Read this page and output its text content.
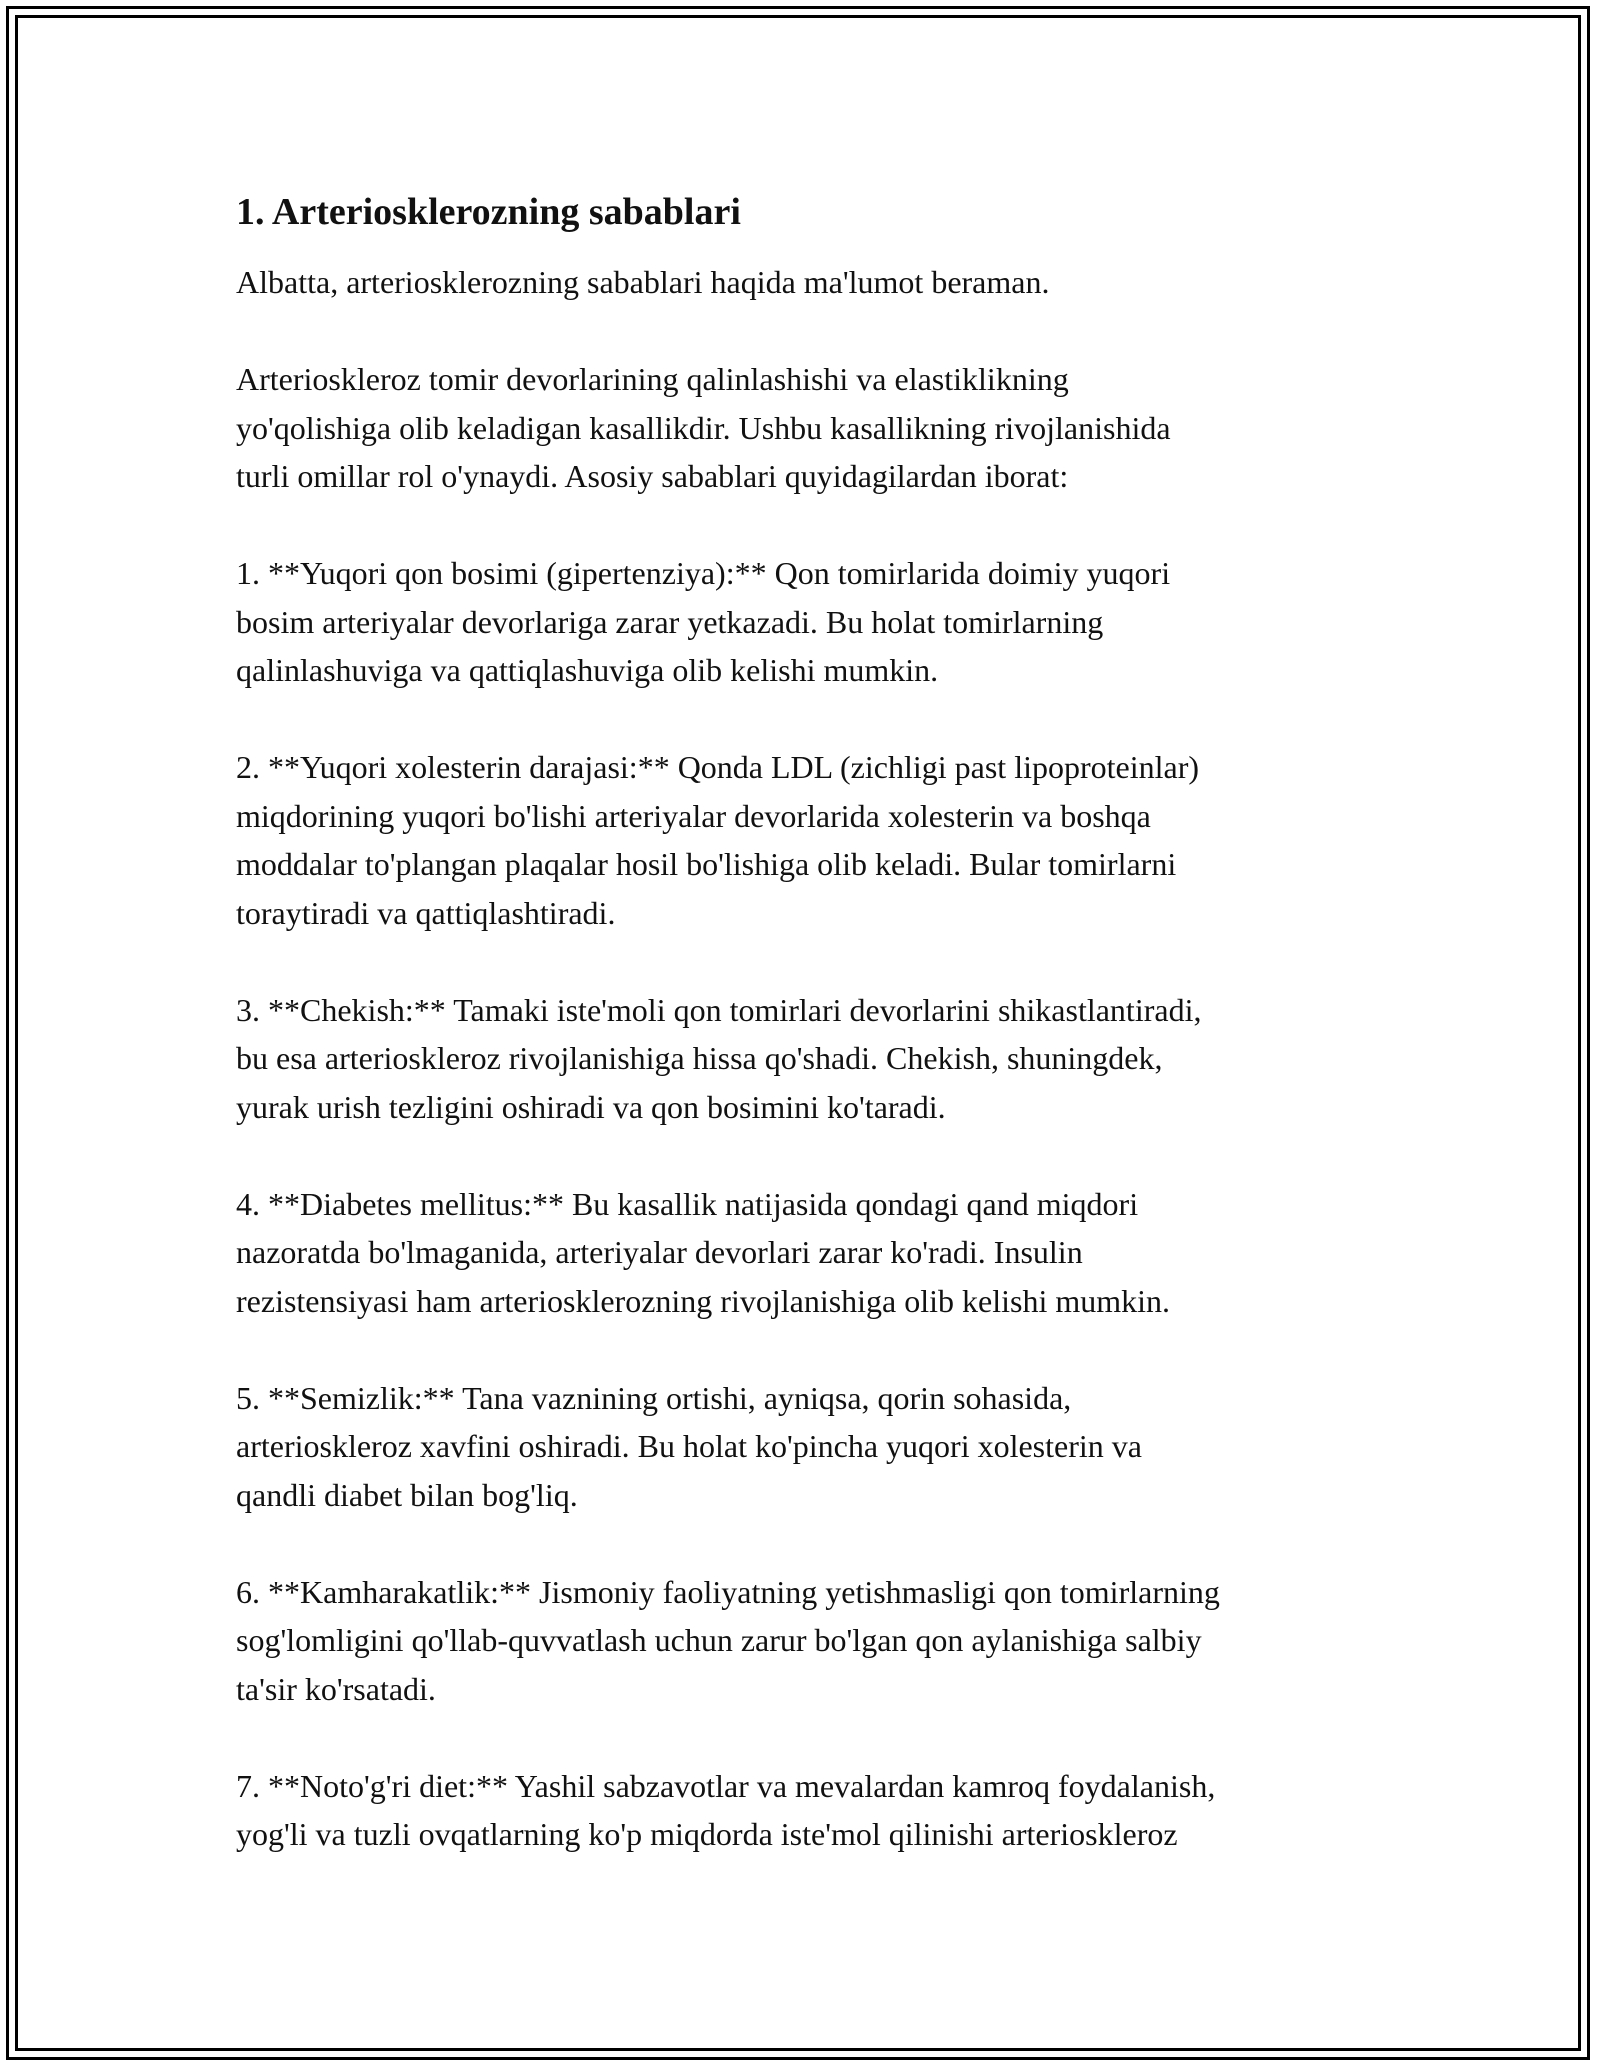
1. Arteriosklerozning sabablari

Albatta, arteriosklerozning sabablari haqida ma'lumot beraman.

Arterioskleroz tomir devorlarining qalinlashishi va elastiklikning
yo'qolishiga olib keladigan kasallikdir. Ushbu kasallikning rivojlanishida
turli omillar rol o'ynaydi. Asosiy sabablari quyidagilardan iborat:

1. **Yuqori qon bosimi (gipertenziya):** Qon tomirlarida doimiy yuqori
bosim arteriyalar devorlariga zarar yetkazadi. Bu holat tomirlarning
qalinlashuviga va qattiqlashuviga olib kelishi mumkin.

2. **Yuqori xolesterin darajasi:** Qonda LDL (zichligi past lipoproteinlar)
miqdorining yuqori bo'lishi arteriyalar devorlarida xolesterin va boshqa
moddalar to'plangan plaqalar hosil bo'lishiga olib keladi. Bular tomirlarni
toraytiradi va qattiqlashtiradi.

3. **Chekish:** Tamaki iste'moli qon tomirlari devorlarini shikastlantiradi,
bu esa arterioskleroz rivojlanishiga hissa qo'shadi. Chekish, shuningdek,
yurak urish tezligini oshiradi va qon bosimini ko'taradi.

4. **Diabetes mellitus:** Bu kasallik natijasida qondagi qand miqdori
nazoratda bo'lmaganida, arteriyalar devorlari zarar ko'radi. Insulin
rezistensiyasi ham arteriosklerozning rivojlanishiga olib kelishi mumkin.

5. **Semizlik:** Tana vaznining ortishi, ayniqsa, qorin sohasida,
arterioskleroz xavfini oshiradi. Bu holat ko'pincha yuqori xolesterin va
qandli diabet bilan bog'liq.

6. **Kamharakatlik:** Jismoniy faoliyatning yetishmasligi qon tomirlarning
sog'lomligini qo'llab-quvvatlash uchun zarur bo'lgan qon aylanishiga salbiy
ta'sir ko'rsatadi.

7. **Noto'g'ri diet:** Yashil sabzavotlar va mevalardan kamroq foydalanish,
yog'li va tuzli ovqatlarning ko'p miqdorda iste'mol qilinishi arterioskleroz
